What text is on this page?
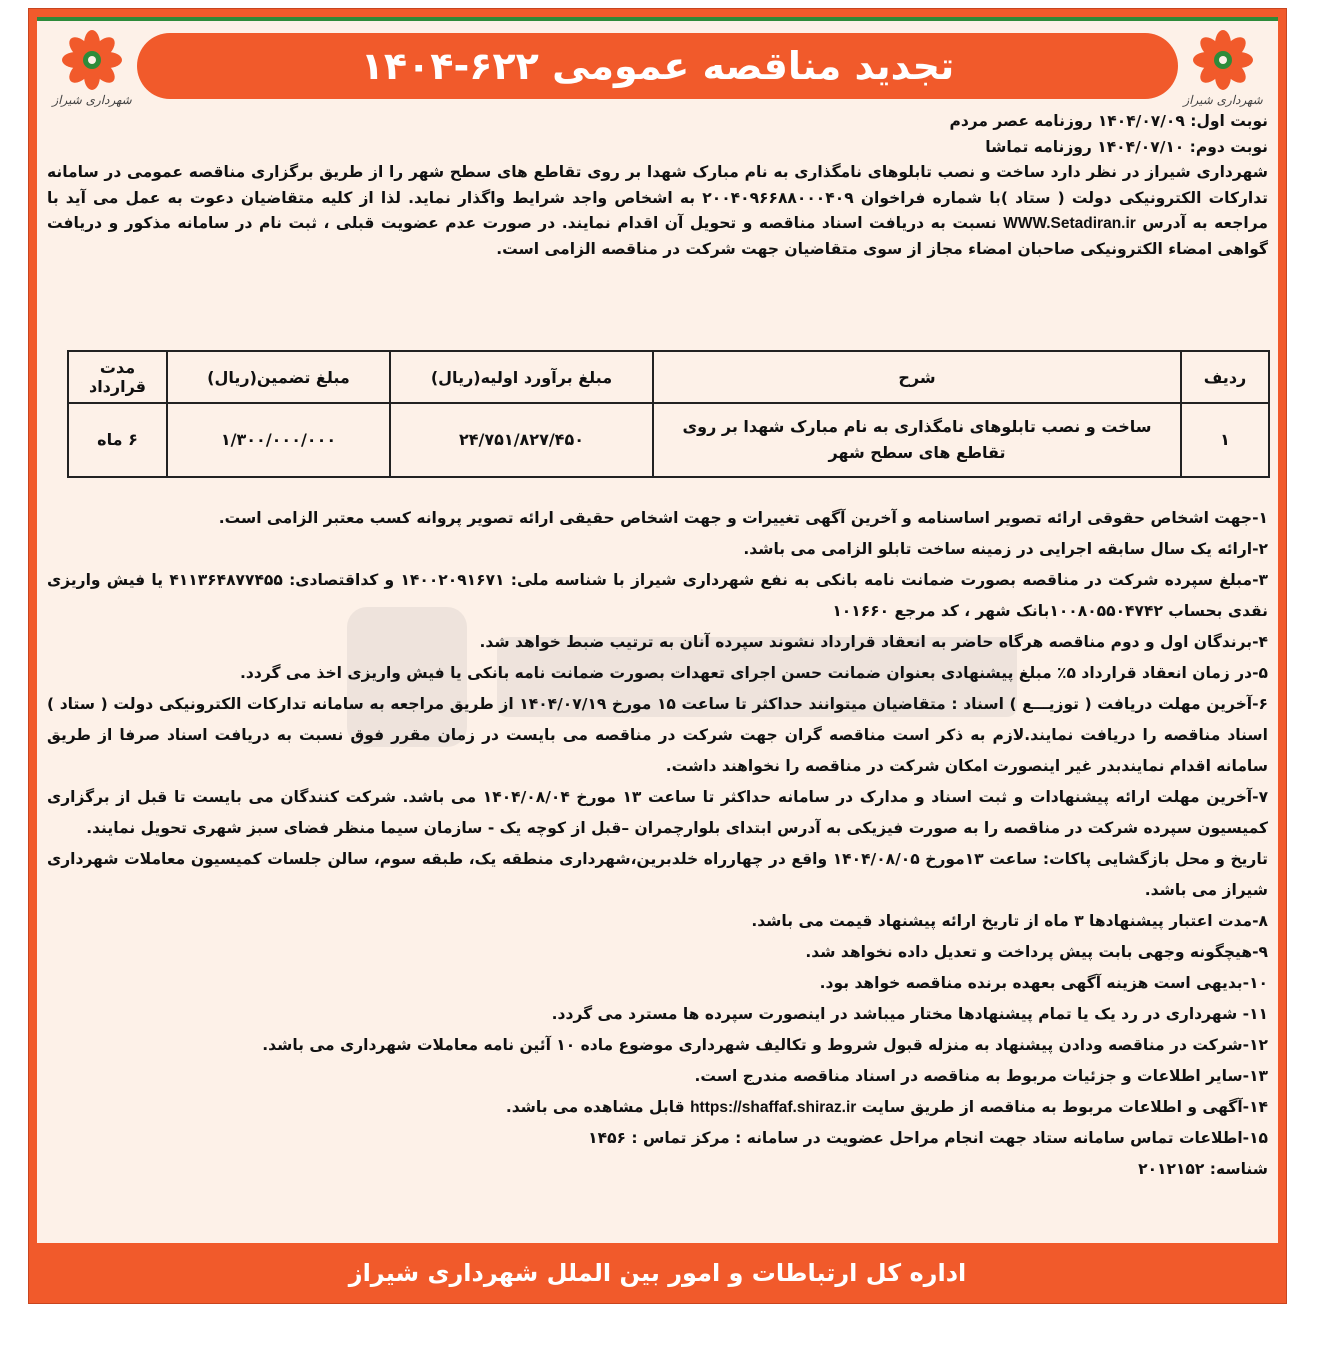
شهرداری شیراز
شهرداری شیراز
تجدید مناقصه عمومی ۶۲۲-۱۴۰۴

نوبت اول: ۱۴۰۴/۰۷/۰۹ روزنامه عصر مردم

نوبت دوم: ۱۴۰۴/۰۷/۱۰ روزنامه تماشا

شهرداری شیراز در نظر دارد ساخت و نصب تابلوهای نامگذاری به نام مبارک شهدا بر روی تقاطع های سطح شهر را از طریق برگزاری مناقصه عمومی در سامانه تدارکات الکترونیکی دولت ( ستاد )با شماره فراخوان ۲۰۰۴۰۹۶۶۸۸۰۰۰۴۰۹ به اشخاص واجد شرایط واگذار نماید. لذا از کلیه متقاضیان دعوت به عمل می آید با مراجعه به آدرس WWW.Setadiran.ir نسبت به دریافت اسناد مناقصه و تحویل آن اقدام نمایند. در صورت عدم عضویت قبلی ، ثبت نام در سامانه مذکور و دریافت گواهی امضاء الکترونیکی صاحبان امضاء مجاز از سوی متقاضیان جهت شرکت در مناقصه الزامی است.

ردیف	شرح	مبلغ برآورد اولیه(ریال)	مبلغ تضمین(ریال)	مدت قرارداد
۱	ساخت و نصب تابلوهای نامگذاری به نام مبارک شهدا بر روی تقاطع های سطح شهر	۲۴/۷۵۱/۸۲۷/۴۵۰	۱/۳۰۰/۰۰۰/۰۰۰	۶ ماه

۱-جهت اشخاص حقوقی ارائه تصویر اساسنامه و آخرین آگهی تغییرات و جهت اشخاص حقیقی ارائه تصویر پروانه کسب معتبر الزامی است.

۲-ارائه یک سال سابقه اجرایی در زمینه ساخت تابلو الزامی می باشد.

۳-مبلغ سپرده شرکت در مناقصه بصورت ضمانت نامه بانکی به نفع شهرداری شیراز با شناسه ملی: ۱۴۰۰۲۰۹۱۶۷۱ و کداقتصادی: ۴۱۱۳۶۴۸۷۷۴۵۵ یا فیش واریزی نقدی بحساب ۱۰۰۸۰۵۵۰۴۷۴۲بانک شهر ، کد مرجع ۱۰۱۶۶۰

۴-برندگان اول و دوم مناقصه هرگاه حاضر به انعقاد قرارداد نشوند سپرده آنان به ترتیب ضبط خواهد شد.

۵-در زمان انعقاد قرارداد ۵٪ مبلغ پیشنهادی بعنوان ضمانت حسن اجرای تعهدات بصورت ضمانت نامه بانکی یا فیش واریزی اخذ می گردد.

۶-آخرین مهلت دریافت ( توزیـــع ) اسناد : متقاضیان میتوانند حداکثر تا ساعت ۱۵ مورخ ۱۴۰۴/۰۷/۱۹ از طریق مراجعه به سامانه تدارکات الکترونیکی دولت ( ستاد ) اسناد مناقصه را دریافت نمایند.لازم به ذکر است مناقصه گران جهت شرکت در مناقصه می بایست در زمان مقرر فوق نسبت به دریافت اسناد صرفا از طریق سامانه اقدام نمایندبدر غیر اینصورت امکان شرکت در مناقصه را نخواهند داشت.

۷-آخرین مهلت ارائه پیشنهادات و ثبت اسناد و مدارک در سامانه حداکثر تا ساعت ۱۳ مورخ ۱۴۰۴/۰۸/۰۴ می باشد. شرکت کنندگان می بایست تا قبل از برگزاری کمیسیون سپرده شرکت در مناقصه را به صورت فیزیکی به آدرس ابتدای بلوارچمران –قبل از کوچه یک - سازمان سیما منظر فضای سبز شهری تحویل نمایند.

تاریخ و محل بازگشایی پاکات: ساعت ۱۳مورخ ۱۴۰۴/۰۸/۰۵ واقع در چهارراه خلدبرین،شهرداری منطقه یک، طبقه سوم، سالن جلسات کمیسیون معاملات شهرداری شیراز می باشد.

۸-مدت اعتبار پیشنهادها ۳ ماه از تاریخ ارائه پیشنهاد قیمت می باشد.

۹-هیچگونه وجهی بابت پیش پرداخت و تعدیل داده نخواهد شد.

۱۰-بدیهی است هزینه آگهی بعهده برنده مناقصه خواهد بود.

۱۱- شهرداری در رد یک یا تمام پیشنهادها مختار میباشد در اینصورت سپرده ها مسترد می گردد.

۱۲-شرکت در مناقصه ودادن پیشنهاد به منزله قبول شروط و تکالیف شهرداری موضوع ماده ۱۰ آئین نامه معاملات شهرداری می باشد.

۱۳-سایر اطلاعات و جزئیات مربوط به مناقصه در اسناد مناقصه مندرج است.

۱۴-آگهی و اطلاعات مربوط به مناقصه از طریق سایت https://shaffaf.shiraz.ir قابل مشاهده می باشد.

۱۵-اطلاعات تماس سامانه ستاد جهت انجام مراحل عضویت در سامانه : مرکز تماس : ۱۴۵۶

شناسه: ۲۰۱۲۱۵۲

اداره کل ارتباطات و امور بین الملل شهرداری شیراز
